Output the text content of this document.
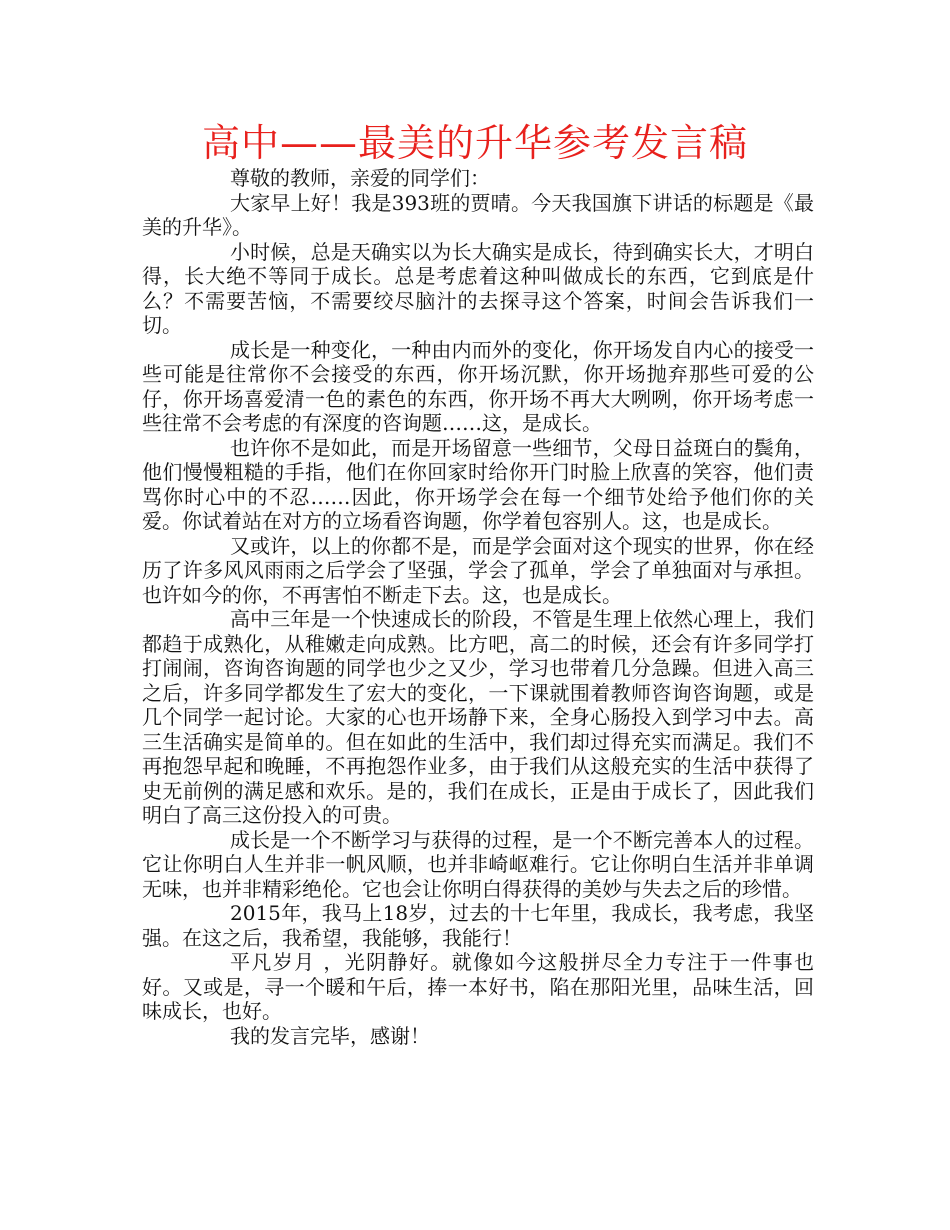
高中——最美的升华参考发言稿

尊敬的教师，亲爱的同学们：

大家早上好！我是393班的贾晴。今天我国旗下讲话的标题是《最美的升华》。

小时候，总是天确实以为长大确实是成长，待到确实长大，才明白得，长大绝不等同于成长。总是考虑着这种叫做成长的东西，它到底是什么？不需要苦恼，不需要绞尽脑汁的去探寻这个答案，时间会告诉我们一切。

成长是一种变化，一种由内而外的变化，你开场发自内心的接受一些可能是往常你不会接受的东西，你开场沉默，你开场抛弃那些可爱的公仔，你开场喜爱清一色的素色的东西，你开场不再大大咧咧，你开场考虑一些往常不会考虑的有深度的咨询题……这，是成长。

也许你不是如此，而是开场留意一些细节，父母日益斑白的鬓角，他们慢慢粗糙的手指，他们在你回家时给你开门时脸上欣喜的笑容，他们责骂你时心中的不忍……因此，你开场学会在每一个细节处给予他们你的关爱。你试着站在对方的立场看咨询题，你学着包容别人。这，也是成长。

又或许，以上的你都不是，而是学会面对这个现实的世界，你在经历了许多风风雨雨之后学会了坚强，学会了孤单，学会了单独面对与承担。也许如今的你，不再害怕不断走下去。这，也是成长。

高中三年是一个快速成长的阶段，不管是生理上依然心理上，我们都趋于成熟化，从稚嫩走向成熟。比方吧，高二的时候，还会有许多同学打打闹闹，咨询咨询题的同学也少之又少，学习也带着几分急躁。但进入高三之后，许多同学都发生了宏大的变化，一下课就围着教师咨询咨询题，或是几个同学一起讨论。大家的心也开场静下来，全身心肠投入到学习中去。高三生活确实是简单的。但在如此的生活中，我们却过得充实而满足。我们不再抱怨早起和晚睡，不再抱怨作业多，由于我们从这般充实的生活中获得了史无前例的满足感和欢乐。是的，我们在成长，正是由于成长了，因此我们明白了高三这份投入的可贵。

成长是一个不断学习与获得的过程，是一个不断完善本人的过程。它让你明白人生并非一帆风顺，也并非崎岖难行。它让你明白生活并非单调无味，也并非精彩绝伦。它也会让你明白得获得的美妙与失去之后的珍惜。

2015年，我马上18岁，过去的十七年里，我成长，我考虑，我坚强。在这之后，我希望，我能够，我能行！

平凡岁月 ，光阴静好。就像如今这般拼尽全力专注于一件事也好。又或是，寻一个暖和午后，捧一本好书，陷在那阳光里，品味生活，回味成长，也好。

我的发言完毕，感谢！
